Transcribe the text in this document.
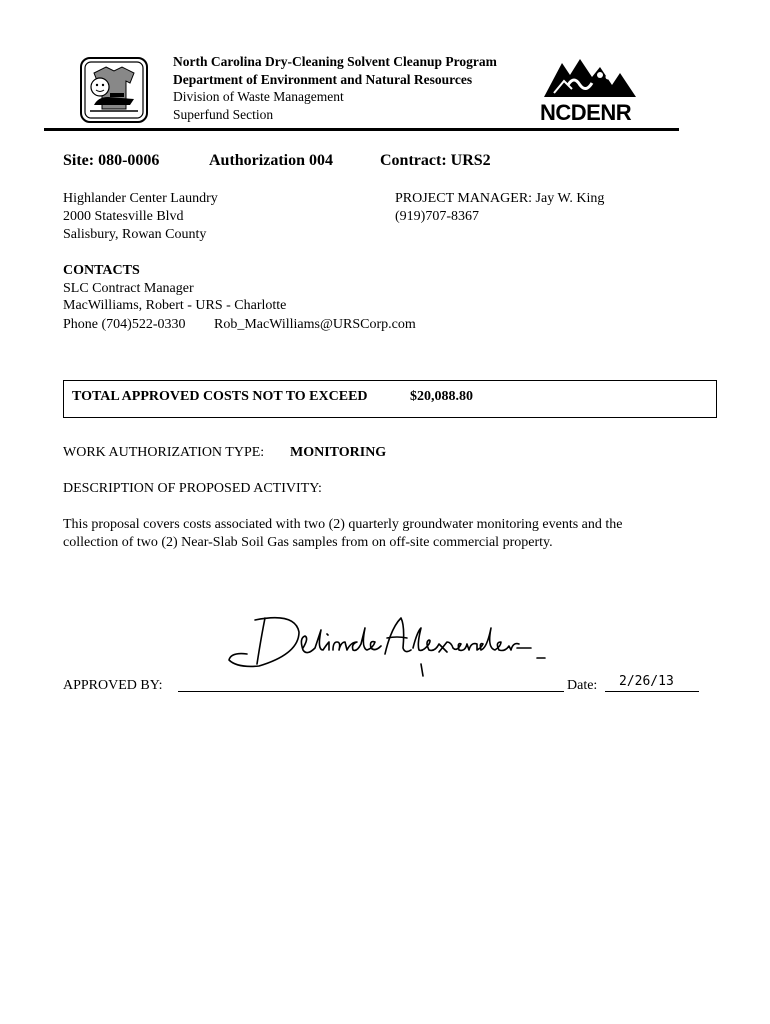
North Carolina Dry-Cleaning Solvent Cleanup Program
Department of Environment and Natural Resources
Division of Waste Management
Superfund Section	NCDENR
Site: 080-0006	Authorization 004	Contract: URS2
Highlander Center Laundry
2000 Statesville Blvd
Salisbury, Rowan County
PROJECT MANAGER: Jay W. King
(919)707-8367
CONTACTS
SLC Contract Manager
MacWilliams, Robert - URS - Charlotte
Phone (704)522-0330 Rob_MacWilliams@URSCorp.com
TOTAL APPROVED COSTS NOT TO EXCEED	$20,088.80
WORK AUTHORIZATION TYPE: MONITORING
DESCRIPTION OF PROPOSED ACTIVITY:
This proposal covers costs associated with two (2) quarterly groundwater monitoring events and the
collection of two (2) Near-Slab Soil Gas samples from on off-site commercial property.
APPROVED BY:	Date: 2/26/13
